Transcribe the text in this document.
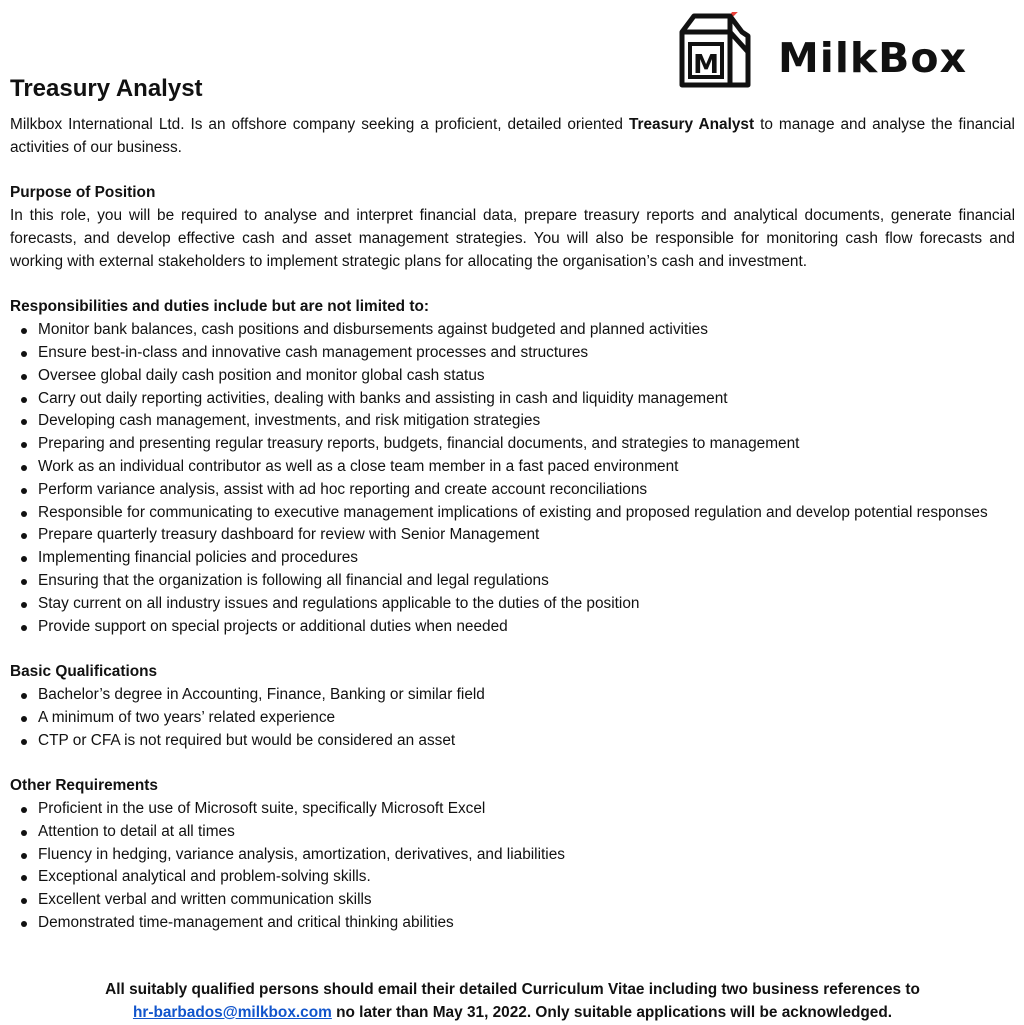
M MilkBox
Treasury Analyst

Milkbox International Ltd. Is an offshore company seeking a proficient, detailed oriented Treasury Analyst to manage and analyse the financial activities of our business.

Purpose of Position

In this role, you will be required to analyse and interpret financial data, prepare treasury reports and analytical documents, generate financial forecasts, and develop effective cash and asset management strategies. You will also be responsible for monitoring cash flow forecasts and working with external stakeholders to implement strategic plans for allocating the organisation’s cash and investment.

Responsibilities and duties include but are not limited to:

Monitor bank balances, cash positions and disbursements against budgeted and planned activities
Ensure best-in-class and innovative cash management processes and structures
Oversee global daily cash position and monitor global cash status
Carry out daily reporting activities, dealing with banks and assisting in cash and liquidity management
Developing cash management, investments, and risk mitigation strategies
Preparing and presenting regular treasury reports, budgets, financial documents, and strategies to management
Work as an individual contributor as well as a close team member in a fast paced environment
Perform variance analysis, assist with ad hoc reporting and create account reconciliations
Responsible for communicating to executive management implications of existing and proposed regulation and develop potential responses
Prepare quarterly treasury dashboard for review with Senior Management
Implementing financial policies and procedures
Ensuring that the organization is following all financial and legal regulations
Stay current on all industry issues and regulations applicable to the duties of the position
Provide support on special projects or additional duties when needed

Basic Qualifications

Bachelor’s degree in Accounting, Finance, Banking or similar field
A minimum of two years’ related experience
CTP or CFA is not required but would be considered an asset

Other Requirements

Proficient in the use of Microsoft suite, specifically Microsoft Excel
Attention to detail at all times
Fluency in hedging, variance analysis, amortization, derivatives, and liabilities
Exceptional analytical and problem-solving skills.
Excellent verbal and written communication skills
Demonstrated time-management and critical thinking abilities
All suitably qualified persons should email their detailed Curriculum Vitae including two business references to
hr-barbados@milkbox.com no later than May 31, 2022. Only suitable applications will be acknowledged.
